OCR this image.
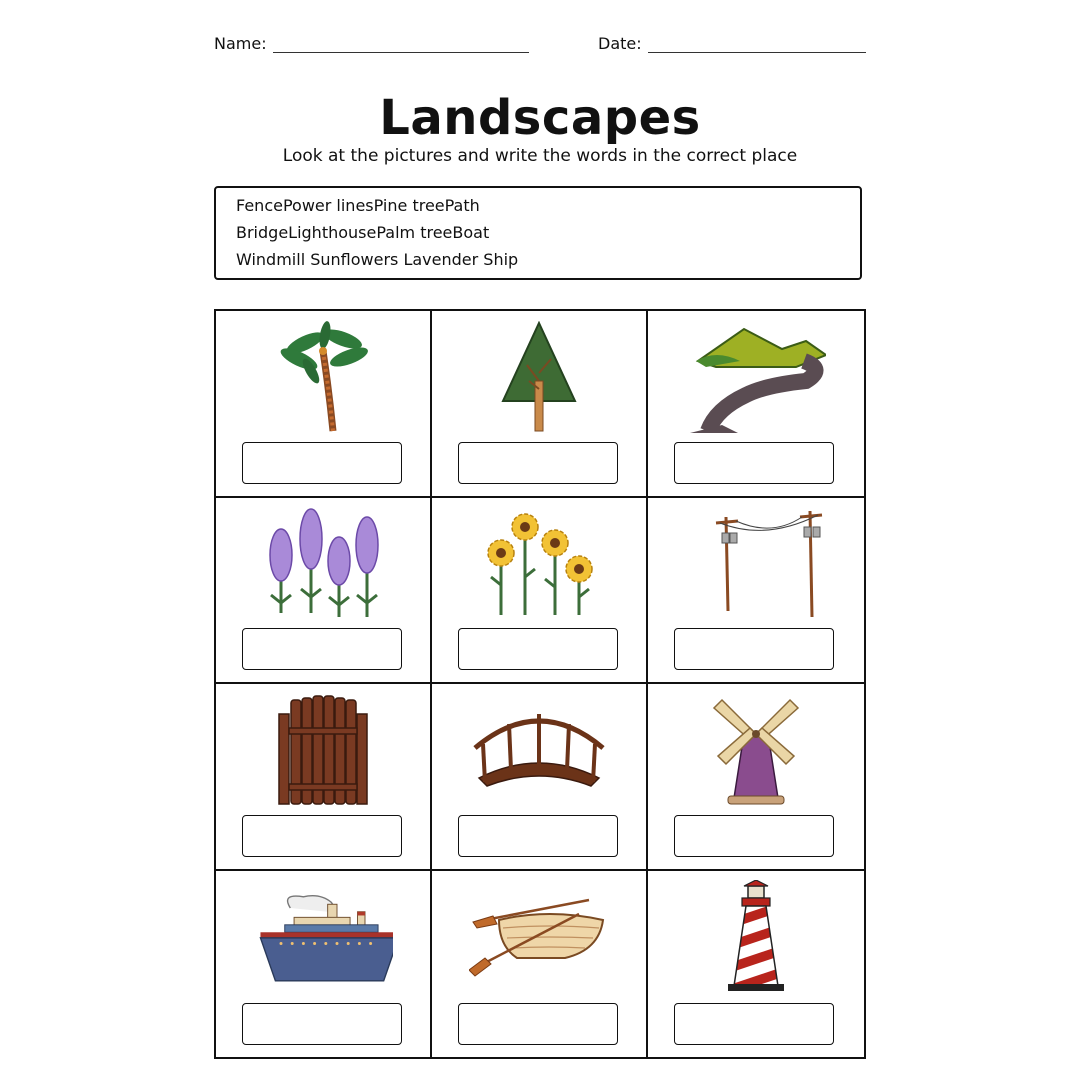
Name:	Date:
Landscapes
Look at the pictures and write the words in the correct place
FencePower linesPine treePath
BridgeLighthousePalm treeBoat
Windmill Sunflowers Lavender Ship
